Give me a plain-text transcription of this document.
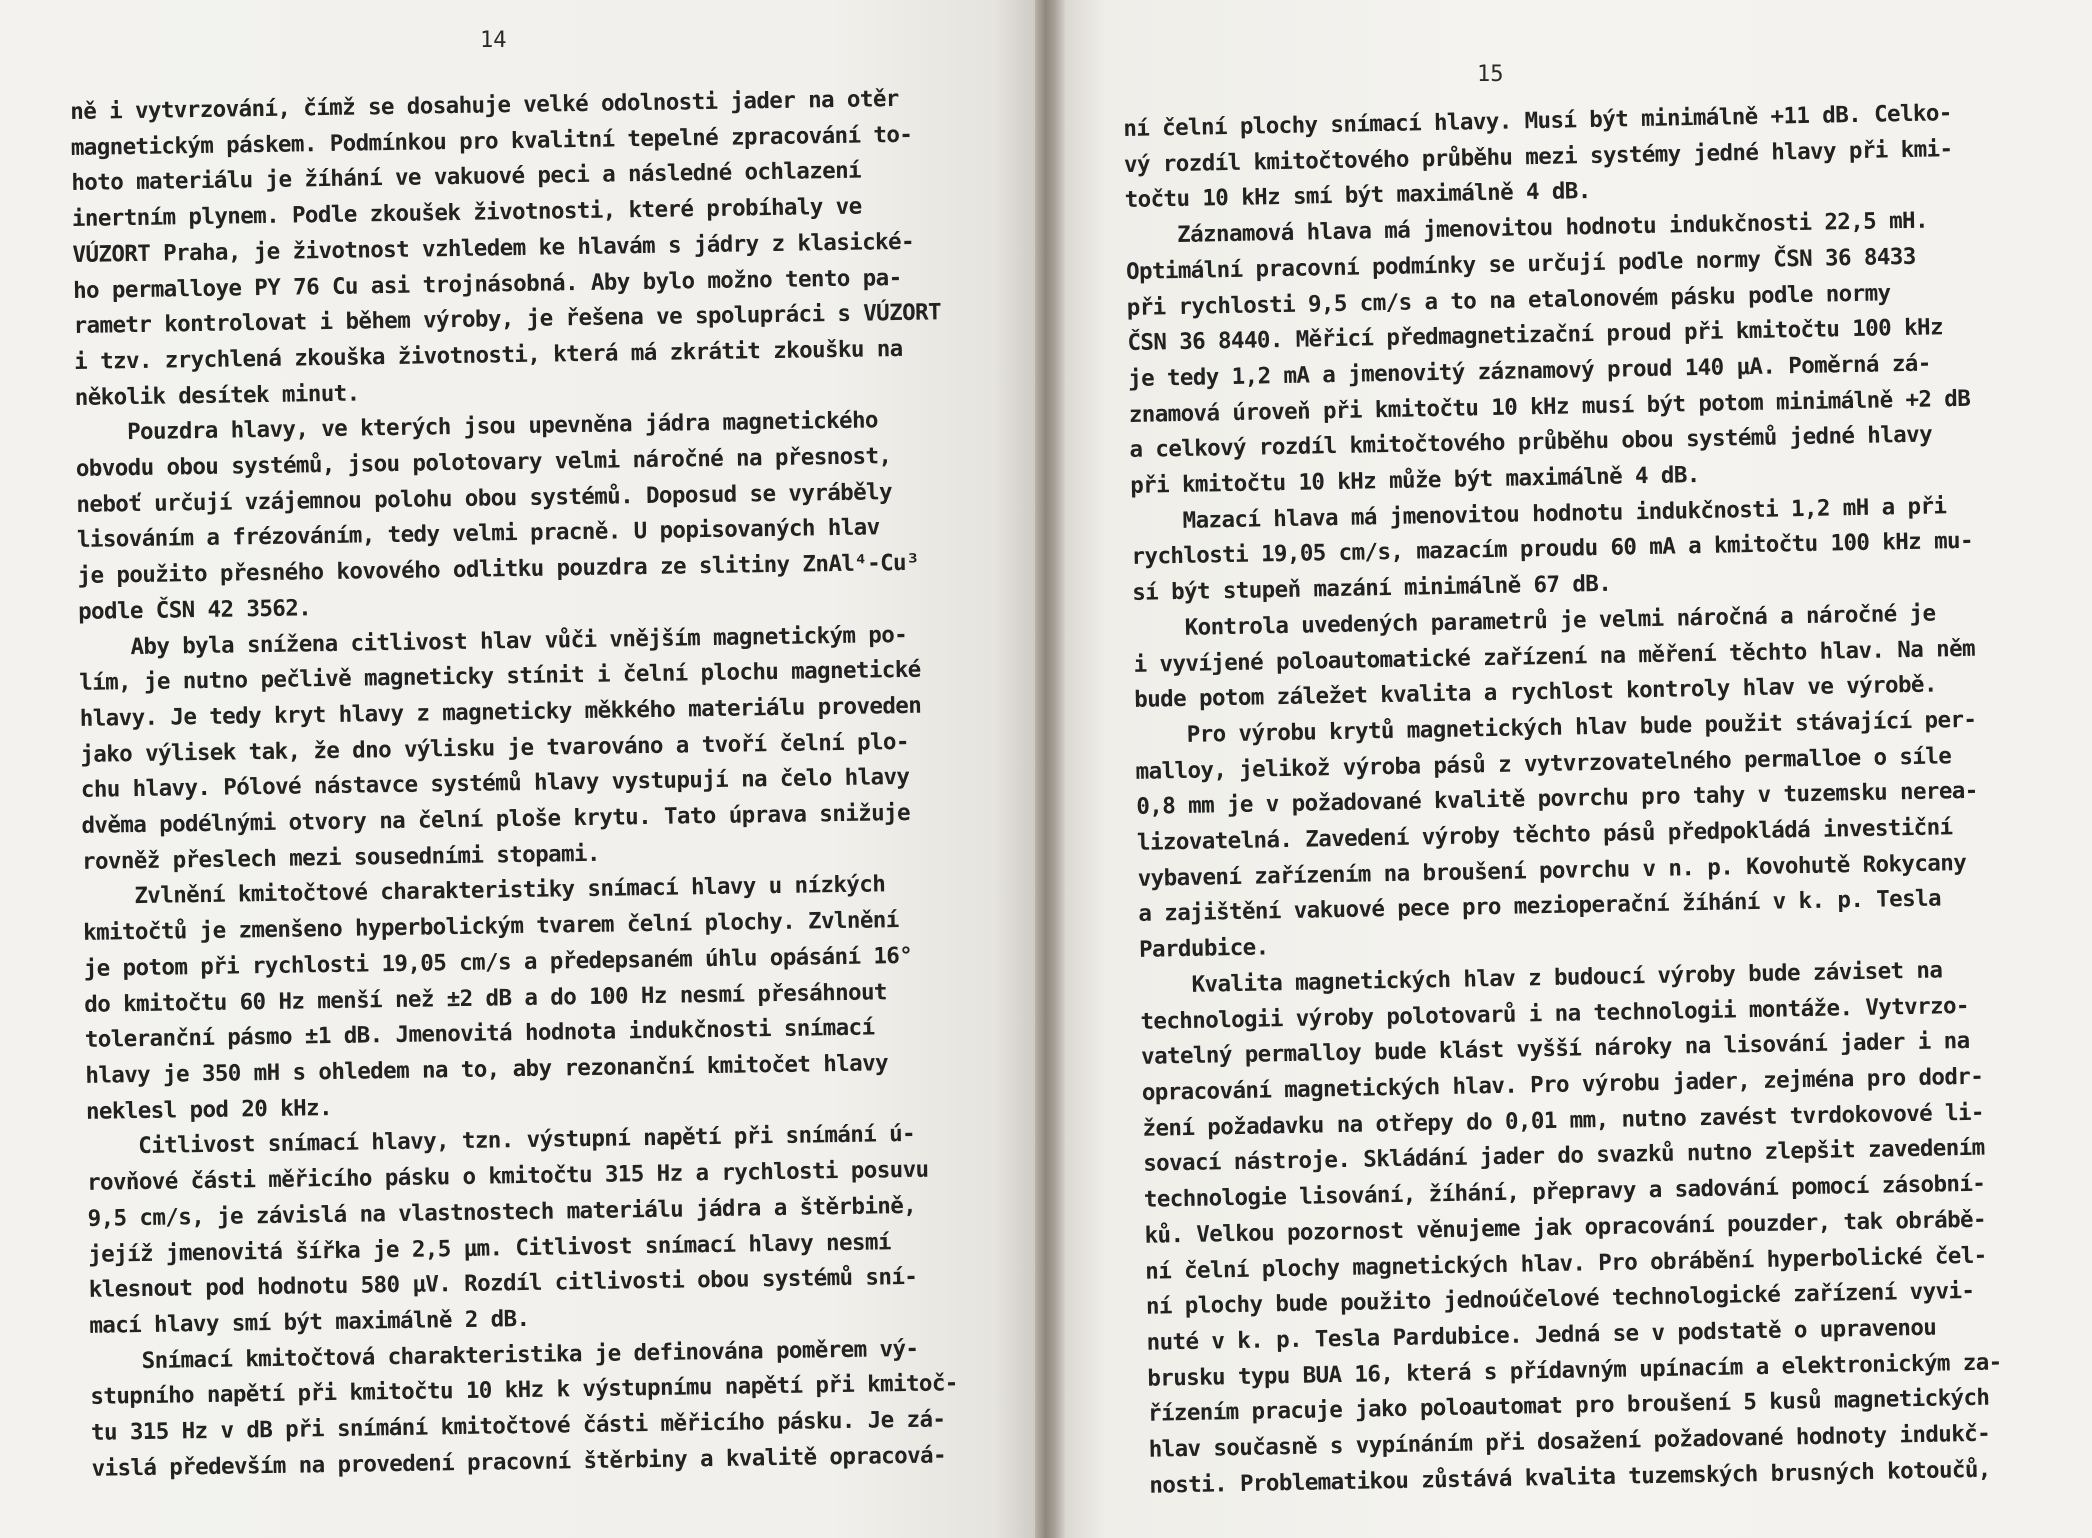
14
ně i vytvrzování, čímž se dosahuje velké odolnosti jader na otěr
magnetickým páskem. Podmínkou pro kvalitní tepelné zpracování to-
hoto materiálu je žíhání ve vakuové peci a následné ochlazení
inertním plynem. Podle zkoušek životnosti, které probíhaly ve
VÚZORT Praha, je životnost vzhledem ke hlavám s jádry z klasické-
ho permalloye PY 76 Cu asi trojnásobná. Aby bylo možno tento pa-
rametr kontrolovat i během výroby, je řešena ve spolupráci s VÚZORT
i tzv. zrychlená zkouška životnosti, která má zkrátit zkoušku na
několik desítek minut.
Pouzdra hlavy, ve kterých jsou upevněna jádra magnetického
obvodu obou systémů, jsou polotovary velmi náročné na přesnost,
neboť určují vzájemnou polohu obou systémů. Doposud se vyráběly
lisováním a frézováním, tedy velmi pracně. U popisovaných hlav
je použito přesného kovového odlitku pouzdra ze slitiny ZnAl⁴-Cu³
podle ČSN 42 3562.
Aby byla snížena citlivost hlav vůči vnějším magnetickým po-
lím, je nutno pečlivě magneticky stínit i čelní plochu magnetické
hlavy. Je tedy kryt hlavy z magneticky měkkého materiálu proveden
jako výlisek tak, že dno výlisku je tvarováno a tvoří čelní plo-
chu hlavy. Pólové nástavce systémů hlavy vystupují na čelo hlavy
dvěma podélnými otvory na čelní ploše krytu. Tato úprava snižuje
rovněž přeslech mezi sousedními stopami.
Zvlnění kmitočtové charakteristiky snímací hlavy u nízkých
kmitočtů je zmenšeno hyperbolickým tvarem čelní plochy. Zvlnění
je potom při rychlosti 19,05 cm/s a předepsaném úhlu opásání 16°
do kmitočtu 60 Hz menší než ±2 dB a do 100 Hz nesmí přesáhnout
toleranční pásmo ±1 dB. Jmenovitá hodnota indukčnosti snímací
hlavy je 350 mH s ohledem na to, aby rezonanční kmitočet hlavy
neklesl pod 20 kHz.
Citlivost snímací hlavy, tzn. výstupní napětí při snímání ú-
rovňové části měřicího pásku o kmitočtu 315 Hz a rychlosti posuvu
9,5 cm/s, je závislá na vlastnostech materiálu jádra a štěrbině,
jejíž jmenovitá šířka je 2,5 µm. Citlivost snímací hlavy nesmí
klesnout pod hodnotu 580 µV. Rozdíl citlivosti obou systémů sní-
mací hlavy smí být maximálně 2 dB.
Snímací kmitočtová charakteristika je definována poměrem vý-
stupního napětí při kmitočtu 10 kHz k výstupnímu napětí při kmitoč-
tu 315 Hz v dB při snímání kmitočtové části měřicího pásku. Je zá-
vislá především na provedení pracovní štěrbiny a kvalitě opracová-
15
ní čelní plochy snímací hlavy. Musí být minimálně +11 dB. Celko-
vý rozdíl kmitočtového průběhu mezi systémy jedné hlavy při kmi-
točtu 10 kHz smí být maximálně 4 dB.
Záznamová hlava má jmenovitou hodnotu indukčnosti 22,5 mH.
Optimální pracovní podmínky se určují podle normy ČSN 36 8433
při rychlosti 9,5 cm/s a to na etalonovém pásku podle normy
ČSN 36 8440. Měřicí předmagnetizační proud při kmitočtu 100 kHz
je tedy 1,2 mA a jmenovitý záznamový proud 140 µA. Poměrná zá-
znamová úroveň při kmitočtu 10 kHz musí být potom minimálně +2 dB
a celkový rozdíl kmitočtového průběhu obou systémů jedné hlavy
při kmitočtu 10 kHz může být maximálně 4 dB.
Mazací hlava má jmenovitou hodnotu indukčnosti 1,2 mH a při
rychlosti 19,05 cm/s, mazacím proudu 60 mA a kmitočtu 100 kHz mu-
sí být stupeň mazání minimálně 67 dB.
Kontrola uvedených parametrů je velmi náročná a náročné je
i vyvíjené poloautomatické zařízení na měření těchto hlav. Na něm
bude potom záležet kvalita a rychlost kontroly hlav ve výrobě.
Pro výrobu krytů magnetických hlav bude použit stávající per-
malloy, jelikož výroba pásů z vytvrzovatelného permalloe o síle
0,8 mm je v požadované kvalitě povrchu pro tahy v tuzemsku nerea-
lizovatelná. Zavedení výroby těchto pásů předpokládá investiční
vybavení zařízením na broušení povrchu v n. p. Kovohutě Rokycany
a zajištění vakuové pece pro mezioperační žíhání v k. p. Tesla
Pardubice.
Kvalita magnetických hlav z budoucí výroby bude záviset na
technologii výroby polotovarů i na technologii montáže. Vytvrzo-
vatelný permalloy bude klást vyšší nároky na lisování jader i na
opracování magnetických hlav. Pro výrobu jader, zejména pro dodr-
žení požadavku na otřepy do 0,01 mm, nutno zavést tvrdokovové li-
sovací nástroje. Skládání jader do svazků nutno zlepšit zavedením
technologie lisování, žíhání, přepravy a sadování pomocí zásobní-
ků. Velkou pozornost věnujeme jak opracování pouzder, tak obrábě-
ní čelní plochy magnetických hlav. Pro obrábění hyperbolické čel-
ní plochy bude použito jednoúčelové technologické zařízení vyvi-
nuté v k. p. Tesla Pardubice. Jedná se v podstatě o upravenou
brusku typu BUA 16, která s přídavným upínacím a elektronickým za-
řízením pracuje jako poloautomat pro broušení 5 kusů magnetických
hlav současně s vypínáním při dosažení požadované hodnoty indukč-
nosti. Problematikou zůstává kvalita tuzemských brusných kotoučů,
